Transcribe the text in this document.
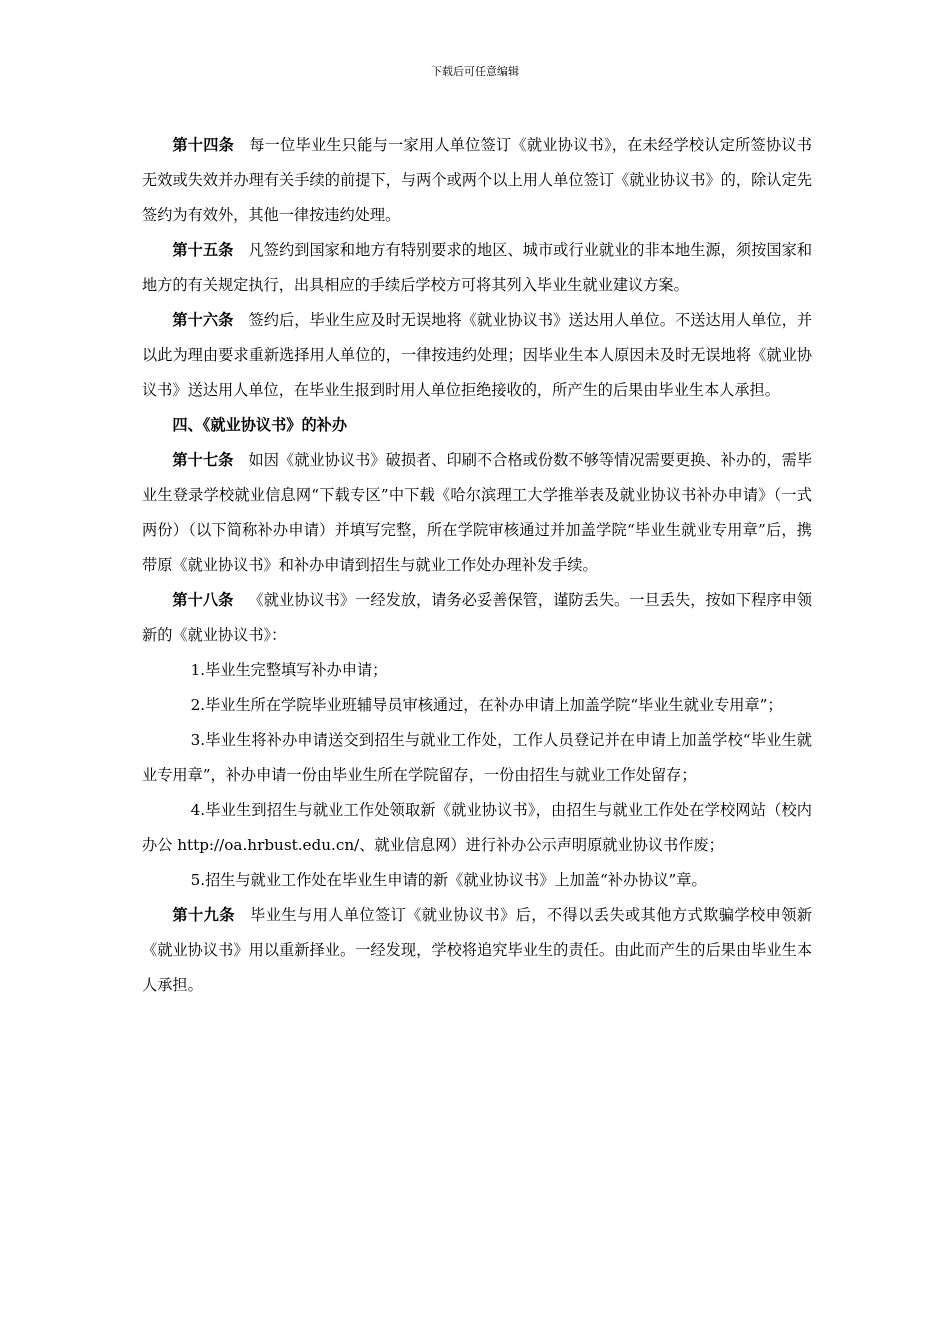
下载后可任意编辑

第十四条 每一位毕业生只能与一家用人单位签订《就业协议书》，在未经学校认定所签协议书无效或失效并办理有关手续的前提下，与两个或两个以上用人单位签订《就业协议书》的，除认定先签约为有效外，其他一律按违约处理。

第十五条 凡签约到国家和地方有特别要求的地区、城市或行业就业的非本地生源，须按国家和地方的有关规定执行，出具相应的手续后学校方可将其列入毕业生就业建议方案。

第十六条 签约后，毕业生应及时无误地将《就业协议书》送达用人单位。不送达用人单位，并以此为理由要求重新选择用人单位的，一律按违约处理；因毕业生本人原因未及时无误地将《就业协议书》送达用人单位，在毕业生报到时用人单位拒绝接收的，所产生的后果由毕业生本人承担。

四、《就业协议书》的补办

第十七条 如因《就业协议书》破损者、印刷不合格或份数不够等情况需要更换、补办的，需毕业生登录学校就业信息网“下载专区”中下载《哈尔滨理工大学推举表及就业协议书补办申请》（一式两份）（以下简称补办申请）并填写完整，所在学院审核通过并加盖学院“毕业生就业专用章”后，携带原《就业协议书》和补办申请到招生与就业工作处办理补发手续。

第十八条 《就业协议书》一经发放，请务必妥善保管，谨防丢失。一旦丢失，按如下程序申领新的《就业协议书》：

1.毕业生完整填写补办申请；

2.毕业生所在学院毕业班辅导员审核通过，在补办申请上加盖学院“毕业生就业专用章”；

3.毕业生将补办申请送交到招生与就业工作处，工作人员登记并在申请上加盖学校“毕业生就业专用章”，补办申请一份由毕业生所在学院留存，一份由招生与就业工作处留存；

4.毕业生到招生与就业工作处领取新《就业协议书》，由招生与就业工作处在学校网站（校内办公 http://oa.hrbust.edu.cn/、就业信息网）进行补办公示声明原就业协议书作废；

5.招生与就业工作处在毕业生申请的新《就业协议书》上加盖“补办协议”章。

第十九条 毕业生与用人单位签订《就业协议书》后，不得以丢失或其他方式欺骗学校申领新《就业协议书》用以重新择业。一经发现，学校将追究毕业生的责任。由此而产生的后果由毕业生本人承担。
